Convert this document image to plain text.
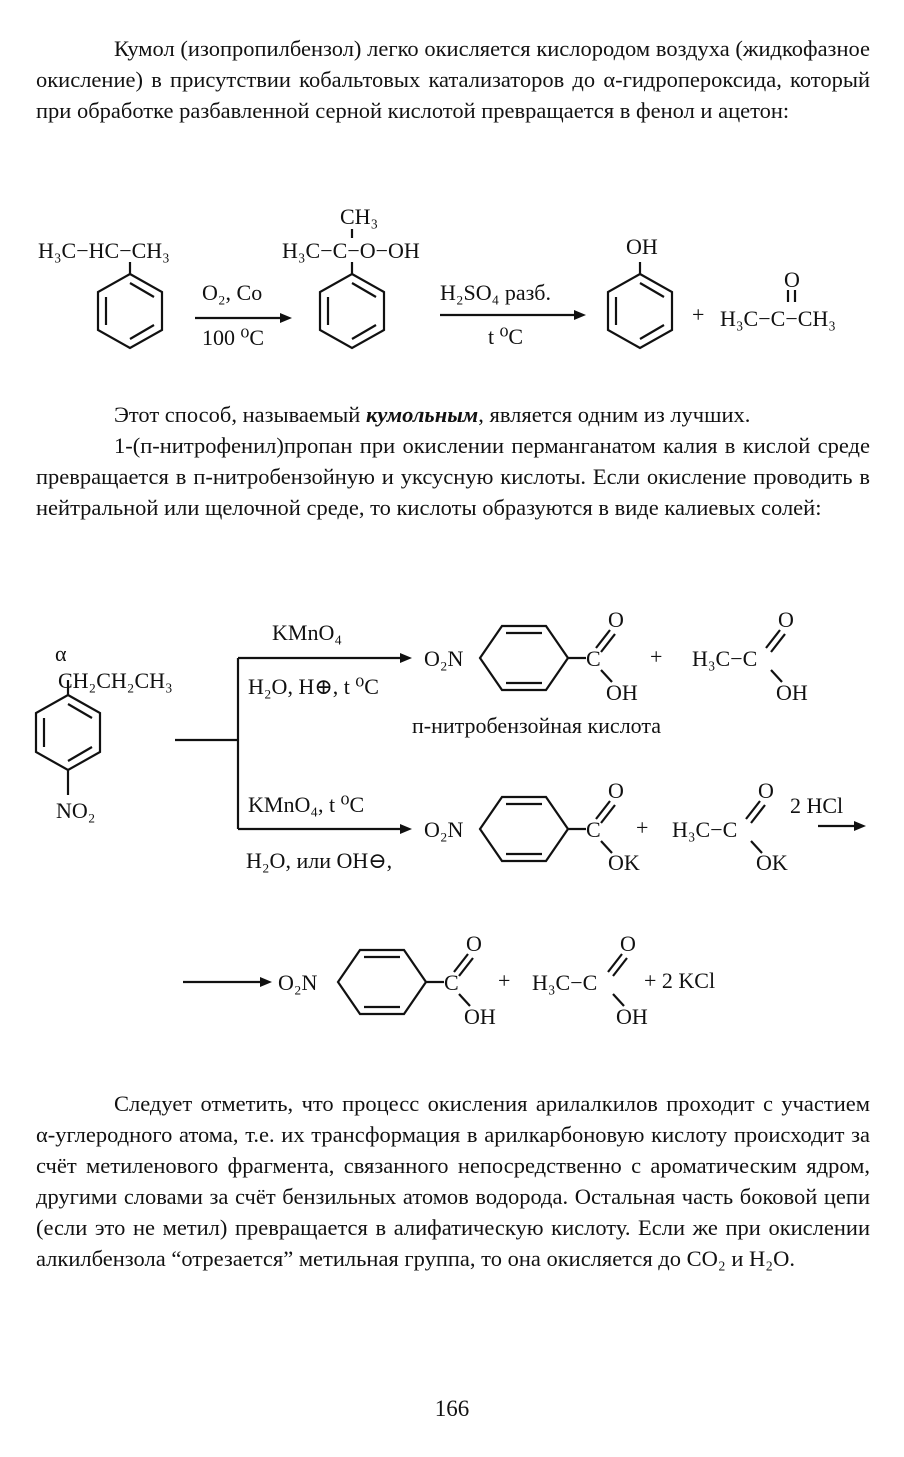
Кумол (изопропилбензол) легко окисляется кислородом воздуха (жидкофазное окисление) в присутствии кобальтовых катализаторов до α-гидропероксида, который при обработке разбавленной серной кислотой превращается в фенол и ацетон:

H₃C−HC−CH₃
O₂, Co
100 ⁰C
CH₃
H₃C−C−O−OH
H₂SO₄ разб.
t ⁰C
OH
+
O
H₃C−C−CH₃

Этот способ, называемый кумольным, является одним из лучших.

1-(п-нитрофенил)пропан при окислении перманганатом калия в кислой среде превращается в п-нитробензойную и уксусную кислоты. Если окисление проводить в нейтральной или щелочной среде, то кислоты образуются в виде калиевых солей:

α
CH₂CH₂CH₃
NO₂
KMnO₄
H₂O, H⊕, t ⁰C
KMnO₄, t ⁰C
H₂O, или OH⊖,
O₂N	C
O
OH
+ H₃C−C
O
OH
п-нитробензойная кислота
O₂N	C
O
OK
+ H₃C−C
O
OK
2 HCl
O₂N	C
O
OH
+ H₃C−C
O
OH
+ 2 KCl

Следует отметить, что процесс окисления арилалкилов проходит с участием α-углеродного атома, т.е. их трансформация в арилкарбоновую кислоту происходит за счёт метиленового фрагмента, связанного непосредственно с ароматическим ядром, другими словами за счёт бензильных атомов водорода. Остальная часть боковой цепи (если это не метил) превращается в алифатическую кислоту. Если же при окислении алкилбензола “отрезается” метильная группа, то она окисляется до CO₂ и H₂O.

166
